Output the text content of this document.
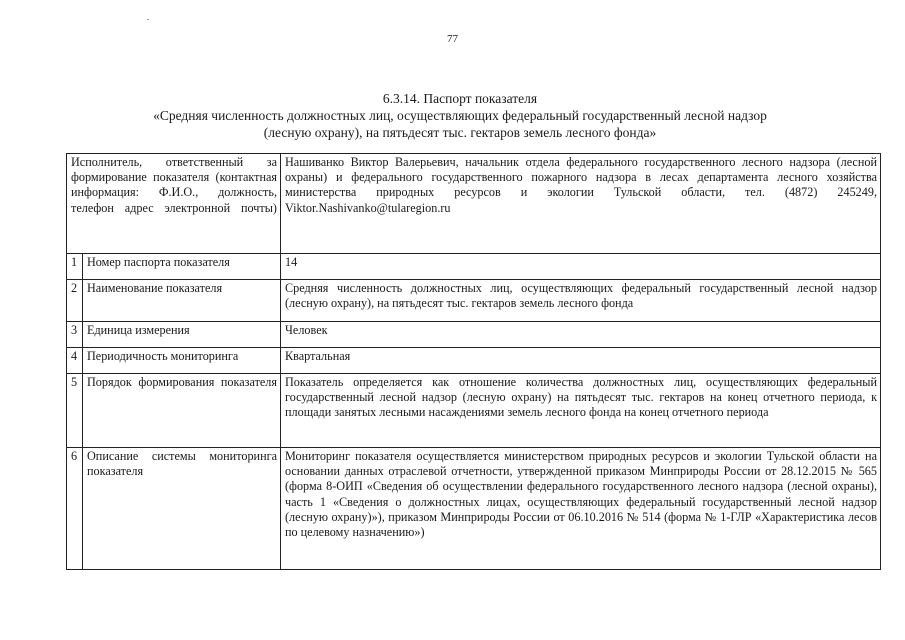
77
6.3.14. Паспорт показателя
«Средняя численность должностных лиц, осуществляющих федеральный государственный лесной надзор
(лесную охрану), на пятьдесят тыс. гектаров земель лесного фонда»
Исполнитель, ответственный за формирование показателя (контактная информация: Ф.И.О., должность, телефон адрес электронной почты)		Нашиванко Виктор Валерьевич, начальник отдела федерального государственного лесного надзора (лесной охраны) и федерального государственного пожарного надзора в лесах департамента лесного хозяйства министерства природных ресурсов и экологии Тульской области, тел. (4872) 245249, Viktor.Nashivanko@tularegion.ru
1	Номер паспорта показателя	14
2	Наименование показателя	Средняя численность должностных лиц, осуществляющих федеральный государственный лесной надзор (лесную охрану), на пятьдесят тыс. гектаров земель лесного фонда
3	Единица измерения	Человек
4	Периодичность мониторинга	Квартальная
5	Порядок формирования показателя	Показатель определяется как отношение количества должностных лиц, осуществляющих федеральный государственный лесной надзор (лесную охрану) на пятьдесят тыс. гектаров на конец отчетного периода, к площади занятых лесными насаждениями земель лесного фонда на конец отчетного периода
6	Описание системы мониторинга показателя	Мониторинг показателя осуществляется министерством природных ресурсов и экологии Тульской области на основании данных отраслевой отчетности, утвержденной приказом Минприроды России от 28.12.2015 № 565 (форма 8-ОИП «Сведения об осуществлении федерального государственного лесного надзора (лесной охраны), часть 1 «Сведения о должностных лицах, осуществляющих федеральный государственный лесной надзор (лесную охрану)»), приказом Минприроды России от 06.10.2016 № 514 (форма № 1-ГЛР «Характеристика лесов по целевому назначению»)
